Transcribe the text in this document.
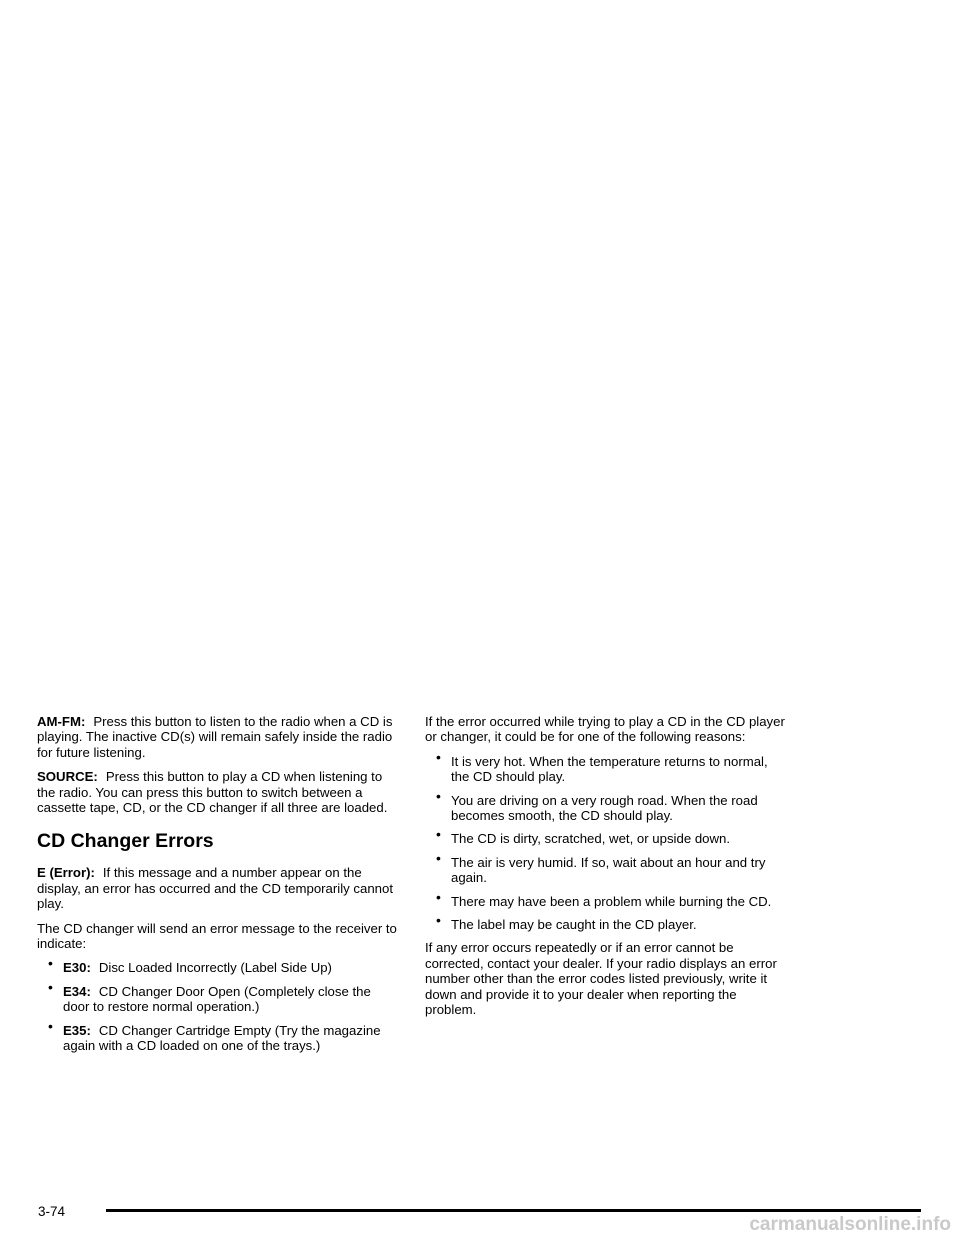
AM-FM: Press this button to listen to the radio when a CD is playing. The inactive CD(s) will remain safely inside the radio for future listening.

SOURCE: Press this button to play a CD when listening to the radio. You can press this button to switch between a cassette tape, CD, or the CD changer if all three are loaded.

CD Changer Errors

E (Error): If this message and a number appear on the display, an error has occurred and the CD temporarily cannot play.

The CD changer will send an error message to the receiver to indicate:

• E30: Disc Loaded Incorrectly (Label Side Up)
• E34: CD Changer Door Open (Completely close the door to restore normal operation.)
• E35: CD Changer Cartridge Empty (Try the magazine again with a CD loaded on one of the trays.)

If the error occurred while trying to play a CD in the CD player or changer, it could be for one of the following reasons:

• It is very hot. When the temperature returns to normal, the CD should play.
• You are driving on a very rough road. When the road becomes smooth, the CD should play.
• The CD is dirty, scratched, wet, or upside down.
• The air is very humid. If so, wait about an hour and try again.
• There may have been a problem while burning the CD.
• The label may be caught in the CD player.

If any error occurs repeatedly or if an error cannot be corrected, contact your dealer. If your radio displays an error number other than the error codes listed previously, write it down and provide it to your dealer when reporting the problem.

3-74
carmanualsonline.info
